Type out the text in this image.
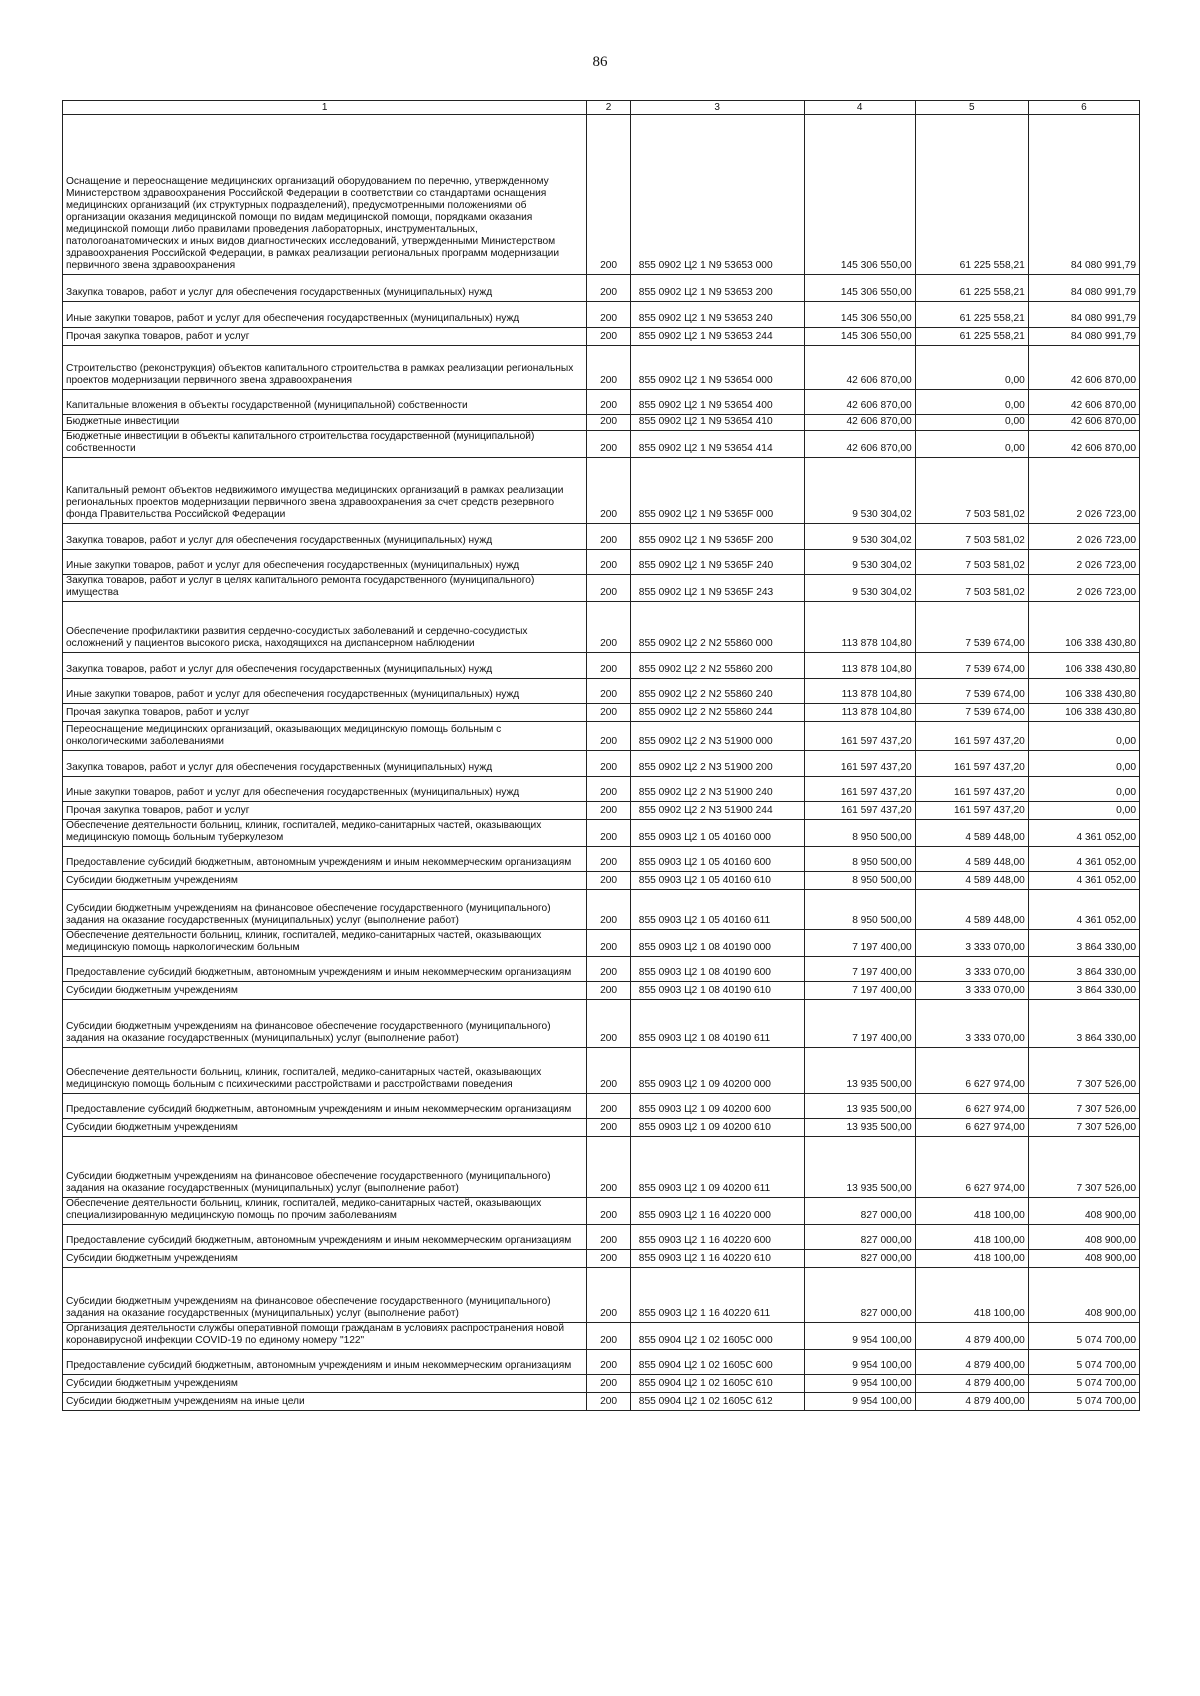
86
1	2	3	4	5	6
Оснащение и переоснащение медицинских организаций оборудованием по перечню, утвержденному Министерством здравоохранения Российской Федерации в соответствии со стандартами оснащения медицинских организаций (их структурных подразделений), предусмотренными положениями об организации оказания медицинской помощи по видам медицинской помощи, порядками оказания медицинской помощи либо правилами проведения лабораторных, инструментальных, патологоанатомических и иных видов диагностических исследований, утвержденными Министерством здравоохранения Российской Федерации, в рамках реализации региональных программ модернизации первичного звена здравоохранения	200	855 0902 Ц2 1 N9 53653 000	145 306 550,00	61 225 558,21	84 080 991,79
Закупка товаров, работ и услуг для обеспечения государственных (муниципальных) нужд	200	855 0902 Ц2 1 N9 53653 200	145 306 550,00	61 225 558,21	84 080 991,79
Иные закупки товаров, работ и услуг для обеспечения государственных (муниципальных) нужд	200	855 0902 Ц2 1 N9 53653 240	145 306 550,00	61 225 558,21	84 080 991,79
Прочая закупка товаров, работ и услуг	200	855 0902 Ц2 1 N9 53653 244	145 306 550,00	61 225 558,21	84 080 991,79
Строительство (реконструкция) объектов капитального строительства в рамках реализации региональных проектов модернизации первичного звена здравоохранения	200	855 0902 Ц2 1 N9 53654 000	42 606 870,00	0,00	42 606 870,00
Капитальные вложения в объекты государственной (муниципальной) собственности	200	855 0902 Ц2 1 N9 53654 400	42 606 870,00	0,00	42 606 870,00
Бюджетные инвестиции	200	855 0902 Ц2 1 N9 53654 410	42 606 870,00	0,00	42 606 870,00
Бюджетные инвестиции в объекты капитального строительства государственной (муниципальной) собственности	200	855 0902 Ц2 1 N9 53654 414	42 606 870,00	0,00	42 606 870,00
Капитальный ремонт объектов недвижимого имущества медицинских организаций в рамках реализации региональных проектов модернизации первичного звена здравоохранения за счет средств резервного фонда Правительства Российской Федерации	200	855 0902 Ц2 1 N9 5365F 000	9 530 304,02	7 503 581,02	2 026 723,00
Закупка товаров, работ и услуг для обеспечения государственных (муниципальных) нужд	200	855 0902 Ц2 1 N9 5365F 200	9 530 304,02	7 503 581,02	2 026 723,00
Иные закупки товаров, работ и услуг для обеспечения государственных (муниципальных) нужд	200	855 0902 Ц2 1 N9 5365F 240	9 530 304,02	7 503 581,02	2 026 723,00
Закупка товаров, работ и услуг в целях капитального ремонта государственного (муниципального) имущества	200	855 0902 Ц2 1 N9 5365F 243	9 530 304,02	7 503 581,02	2 026 723,00
Обеспечение профилактики развития сердечно-сосудистых заболеваний и сердечно-сосудистых осложнений у пациентов высокого риска, находящихся на диспансерном наблюдении	200	855 0902 Ц2 2 N2 55860 000	113 878 104,80	7 539 674,00	106 338 430,80
Закупка товаров, работ и услуг для обеспечения государственных (муниципальных) нужд	200	855 0902 Ц2 2 N2 55860 200	113 878 104,80	7 539 674,00	106 338 430,80
Иные закупки товаров, работ и услуг для обеспечения государственных (муниципальных) нужд	200	855 0902 Ц2 2 N2 55860 240	113 878 104,80	7 539 674,00	106 338 430,80
Прочая закупка товаров, работ и услуг	200	855 0902 Ц2 2 N2 55860 244	113 878 104,80	7 539 674,00	106 338 430,80
Переоснащение медицинских организаций, оказывающих медицинскую помощь больным с онкологическими заболеваниями	200	855 0902 Ц2 2 N3 51900 000	161 597 437,20	161 597 437,20	0,00
Закупка товаров, работ и услуг для обеспечения государственных (муниципальных) нужд	200	855 0902 Ц2 2 N3 51900 200	161 597 437,20	161 597 437,20	0,00
Иные закупки товаров, работ и услуг для обеспечения государственных (муниципальных) нужд	200	855 0902 Ц2 2 N3 51900 240	161 597 437,20	161 597 437,20	0,00
Прочая закупка товаров, работ и услуг	200	855 0902 Ц2 2 N3 51900 244	161 597 437,20	161 597 437,20	0,00
Обеспечение деятельности больниц, клиник, госпиталей, медико-санитарных частей, оказывающих медицинскую помощь больным туберкулезом	200	855 0903 Ц2 1 05 40160 000	8 950 500,00	4 589 448,00	4 361 052,00
Предоставление субсидий бюджетным, автономным учреждениям и иным некоммерческим организациям	200	855 0903 Ц2 1 05 40160 600	8 950 500,00	4 589 448,00	4 361 052,00
Субсидии бюджетным учреждениям	200	855 0903 Ц2 1 05 40160 610	8 950 500,00	4 589 448,00	4 361 052,00
Субсидии бюджетным учреждениям на финансовое обеспечение государственного (муниципального) задания на оказание государственных (муниципальных) услуг (выполнение работ)	200	855 0903 Ц2 1 05 40160 611	8 950 500,00	4 589 448,00	4 361 052,00
Обеспечение деятельности больниц, клиник, госпиталей, медико-санитарных частей, оказывающих медицинскую помощь наркологическим больным	200	855 0903 Ц2 1 08 40190 000	7 197 400,00	3 333 070,00	3 864 330,00
Предоставление субсидий бюджетным, автономным учреждениям и иным некоммерческим организациям	200	855 0903 Ц2 1 08 40190 600	7 197 400,00	3 333 070,00	3 864 330,00
Субсидии бюджетным учреждениям	200	855 0903 Ц2 1 08 40190 610	7 197 400,00	3 333 070,00	3 864 330,00
Субсидии бюджетным учреждениям на финансовое обеспечение государственного (муниципального) задания на оказание государственных (муниципальных) услуг (выполнение работ)	200	855 0903 Ц2 1 08 40190 611	7 197 400,00	3 333 070,00	3 864 330,00
Обеспечение деятельности больниц, клиник, госпиталей, медико-санитарных частей, оказывающих медицинскую помощь больным с психическими расстройствами и расстройствами поведения	200	855 0903 Ц2 1 09 40200 000	13 935 500,00	6 627 974,00	7 307 526,00
Предоставление субсидий бюджетным, автономным учреждениям и иным некоммерческим организациям	200	855 0903 Ц2 1 09 40200 600	13 935 500,00	6 627 974,00	7 307 526,00
Субсидии бюджетным учреждениям	200	855 0903 Ц2 1 09 40200 610	13 935 500,00	6 627 974,00	7 307 526,00
Субсидии бюджетным учреждениям на финансовое обеспечение государственного (муниципального) задания на оказание государственных (муниципальных) услуг (выполнение работ)	200	855 0903 Ц2 1 09 40200 611	13 935 500,00	6 627 974,00	7 307 526,00
Обеспечение деятельности больниц, клиник, госпиталей, медико-санитарных частей, оказывающих специализированную медицинскую помощь по прочим заболеваниям	200	855 0903 Ц2 1 16 40220 000	827 000,00	418 100,00	408 900,00
Предоставление субсидий бюджетным, автономным учреждениям и иным некоммерческим организациям	200	855 0903 Ц2 1 16 40220 600	827 000,00	418 100,00	408 900,00
Субсидии бюджетным учреждениям	200	855 0903 Ц2 1 16 40220 610	827 000,00	418 100,00	408 900,00
Субсидии бюджетным учреждениям на финансовое обеспечение государственного (муниципального) задания на оказание государственных (муниципальных) услуг (выполнение работ)	200	855 0903 Ц2 1 16 40220 611	827 000,00	418 100,00	408 900,00
Организация деятельности службы оперативной помощи гражданам в условиях распространения новой коронавирусной инфекции COVID-19 по единому номеру "122"	200	855 0904 Ц2 1 02 1605С 000	9 954 100,00	4 879 400,00	5 074 700,00
Предоставление субсидий бюджетным, автономным учреждениям и иным некоммерческим организациям	200	855 0904 Ц2 1 02 1605С 600	9 954 100,00	4 879 400,00	5 074 700,00
Субсидии бюджетным учреждениям	200	855 0904 Ц2 1 02 1605С 610	9 954 100,00	4 879 400,00	5 074 700,00
Субсидии бюджетным учреждениям на иные цели	200	855 0904 Ц2 1 02 1605С 612	9 954 100,00	4 879 400,00	5 074 700,00
